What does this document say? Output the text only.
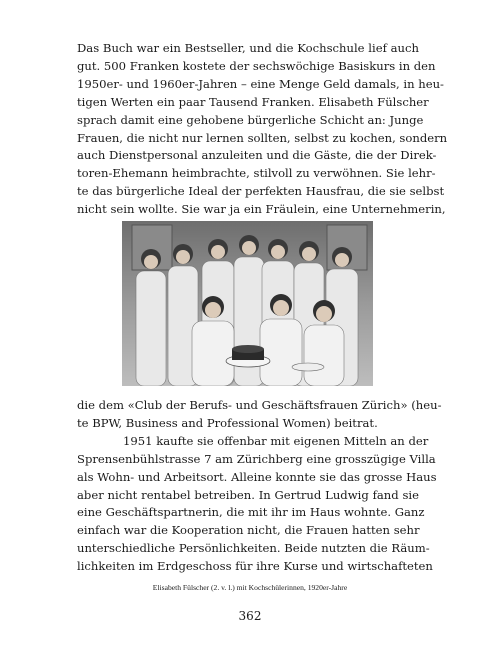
Das Buch war ein Bestseller, und die Kochschule lief auch
gut. 500 Franken kostete der sechswöchige Basiskurs in den
1950er- und 1960er-Jahren – eine Menge Geld damals, in heu-
tigen Werten ein paar Tausend Franken. Elisabeth Fülscher
sprach damit eine gehobene bürgerliche Schicht an: Junge
Frauen, die nicht nur lernen sollten, selbst zu kochen, sondern
auch Dienstpersonal anzuleiten und die Gäste, die der Direk-
toren-Ehemann heimbrachte, stilvoll zu verwöhnen. Sie lehr-
te das bürgerliche Ideal der perfekten Hausfrau, die sie selbst
nicht sein wollte. Sie war ja ein Fräulein, eine Unternehmerin,
die dem «Club der Berufs- und Geschäftsfrauen Zürich» (heu-
te BPW, Business and Professional Women) beitrat.
1951 kaufte sie offenbar mit eigenen Mitteln an der
Sprensenbühlstrasse 7 am Zürichberg eine grosszügige Villa
als Wohn- und Arbeitsort. Alleine konnte sie das grosse Haus
aber nicht rentabel betreiben. In Gertrud Ludwig fand sie
eine Geschäftspartnerin, die mit ihr im Haus wohnte. Ganz
einfach war die Kooperation nicht, die Frauen hatten sehr
unterschiedliche Persönlichkeiten. Beide nutzten die Räum-
lichkeiten im Erdgeschoss für ihre Kurse und wirtschafteten
Elisabeth Fülscher (2. v. l.) mit Kochschülerinnen, 1920er-Jahre
362
